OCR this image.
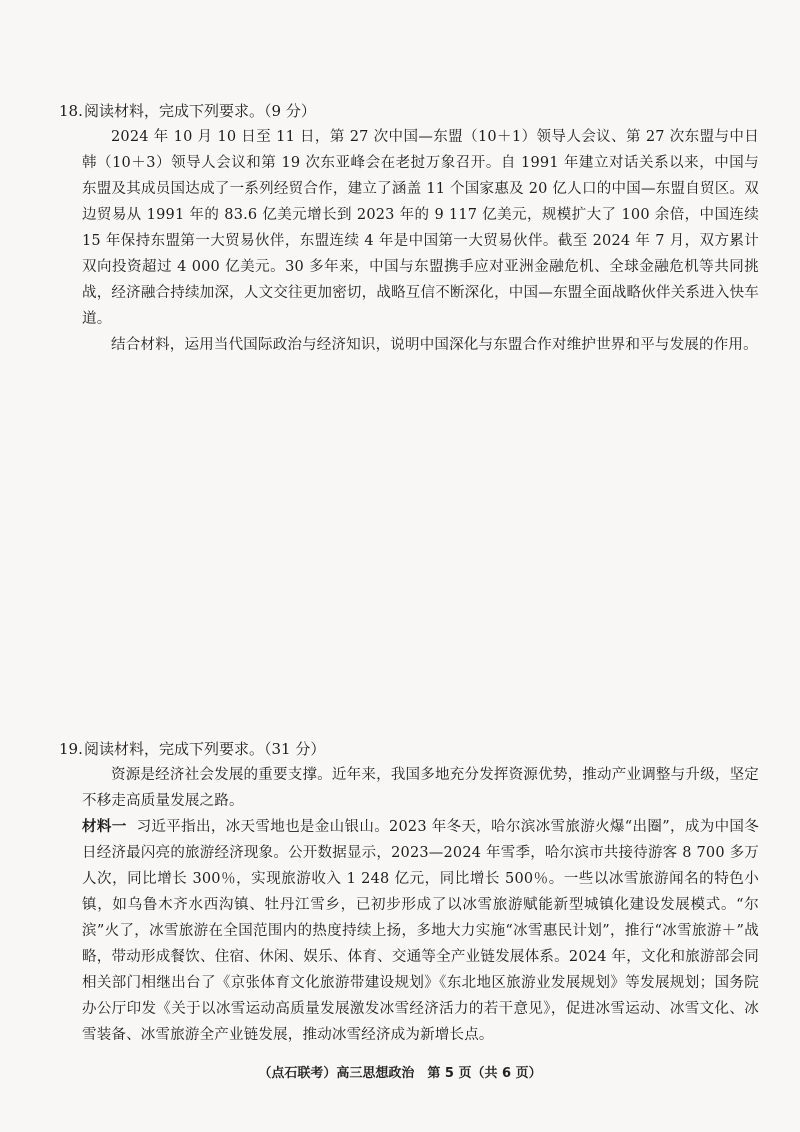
18.阅读材料，完成下列要求。（9 分）

2024 年 10 月 10 日至 11 日，第 27 次中国—东盟（10＋1）领导人会议、第 27 次东盟与中日韩（10＋3）领导人会议和第 19 次东亚峰会在老挝万象召开。自 1991 年建立对话关系以来，中国与东盟及其成员国达成了一系列经贸合作，建立了涵盖 11 个国家惠及 20 亿人口的中国—东盟自贸区。双边贸易从 1991 年的 83.6 亿美元增长到 2023 年的 9 117 亿美元，规模扩大了 100 余倍，中国连续 15 年保持东盟第一大贸易伙伴，东盟连续 4 年是中国第一大贸易伙伴。截至 2024 年 7 月，双方累计双向投资超过 4 000 亿美元。30 多年来，中国与东盟携手应对亚洲金融危机、全球金融危机等共同挑战，经济融合持续加深，人文交往更加密切，战略互信不断深化，中国—东盟全面战略伙伴关系进入快车道。

结合材料，运用当代国际政治与经济知识，说明中国深化与东盟合作对维护世界和平与发展的作用。

19.阅读材料，完成下列要求。（31 分）

资源是经济社会发展的重要支撑。近年来，我国多地充分发挥资源优势，推动产业调整与升级，坚定不移走高质量发展之路。

材料一 习近平指出，冰天雪地也是金山银山。2023 年冬天，哈尔滨冰雪旅游火爆“出圈”，成为中国冬日经济最闪亮的旅游经济现象。公开数据显示，2023—2024 年雪季，哈尔滨市共接待游客 8 700 多万人次，同比增长 300％，实现旅游收入 1 248 亿元，同比增长 500％。一些以冰雪旅游闻名的特色小镇，如乌鲁木齐水西沟镇、牡丹江雪乡，已初步形成了以冰雪旅游赋能新型城镇化建设发展模式。“尔滨”火了，冰雪旅游在全国范围内的热度持续上扬，多地大力实施“冰雪惠民计划”，推行“冰雪旅游＋”战略，带动形成餐饮、住宿、休闲、娱乐、体育、交通等全产业链发展体系。2024 年，文化和旅游部会同相关部门相继出台了《京张体育文化旅游带建设规划》《东北地区旅游业发展规划》等发展规划；国务院办公厅印发《关于以冰雪运动高质量发展激发冰雪经济活力的若干意见》，促进冰雪运动、冰雪文化、冰雪装备、冰雪旅游全产业链发展，推动冰雪经济成为新增长点。

（点石联考）高三思想政治　第 5 页（共 6 页）
